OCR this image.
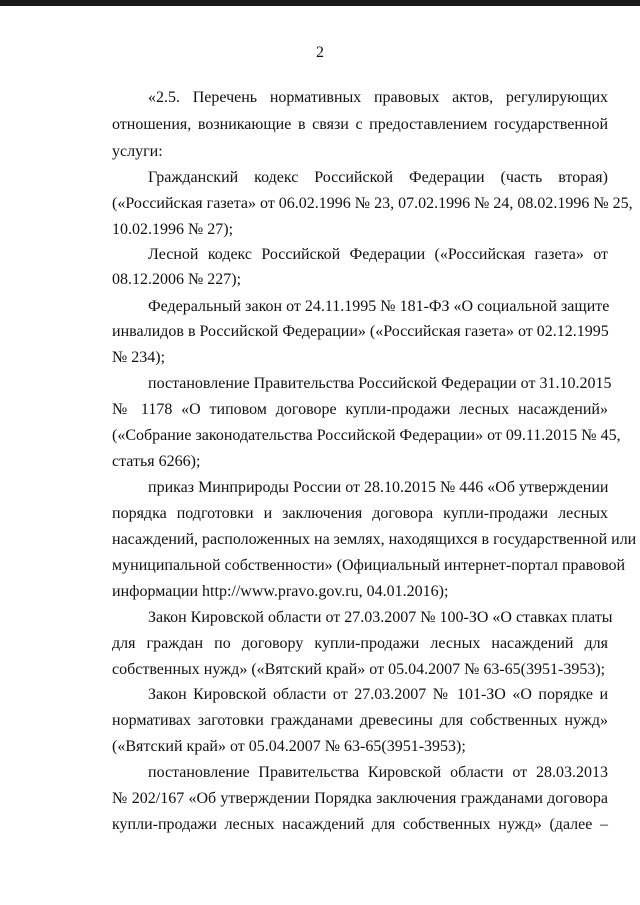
2
«2.5. Перечень нормативных правовых актов, регулирующих
отношения, возникающие в связи с предоставлением государственной
услуги:
Гражданский кодекс Российской Федерации (часть вторая)
(«Российская газета» от 06.02.1996 № 23, 07.02.1996 № 24, 08.02.1996 № 25,
10.02.1996 № 27);
Лесной кодекс Российской Федерации («Российская газета» от
08.12.2006 № 227);
Федеральный закон от 24.11.1995 № 181-ФЗ «О социальной защите
инвалидов в Российской Федерации» («Российская газета» от 02.12.1995
№ 234);
постановление Правительства Российской Федерации от 31.10.2015
№ 1178 «О типовом договоре купли-продажи лесных насаждений»
(«Собрание законодательства Российской Федерации» от 09.11.2015 № 45,
статья 6266);
приказ Минприроды России от 28.10.2015 № 446 «Об утверждении
порядка подготовки и заключения договора купли-продажи лесных
насаждений, расположенных на землях, находящихся в государственной или
муниципальной собственности» (Официальный интернет-портал правовой
информации http://www.pravo.gov.ru, 04.01.2016);
Закон Кировской области от 27.03.2007 № 100-ЗО «О ставках платы
для граждан по договору купли-продажи лесных насаждений для
собственных нужд» («Вятский край» от 05.04.2007 № 63-65(3951-3953);
Закон Кировской области от 27.03.2007 № 101-ЗО «О порядке и
нормативах заготовки гражданами древесины для собственных нужд»
(«Вятский край» от 05.04.2007 № 63-65(3951-3953);
постановление Правительства Кировской области от 28.03.2013
№ 202/167 «Об утверждении Порядка заключения гражданами договора
купли-продажи лесных насаждений для собственных нужд» (далее –
